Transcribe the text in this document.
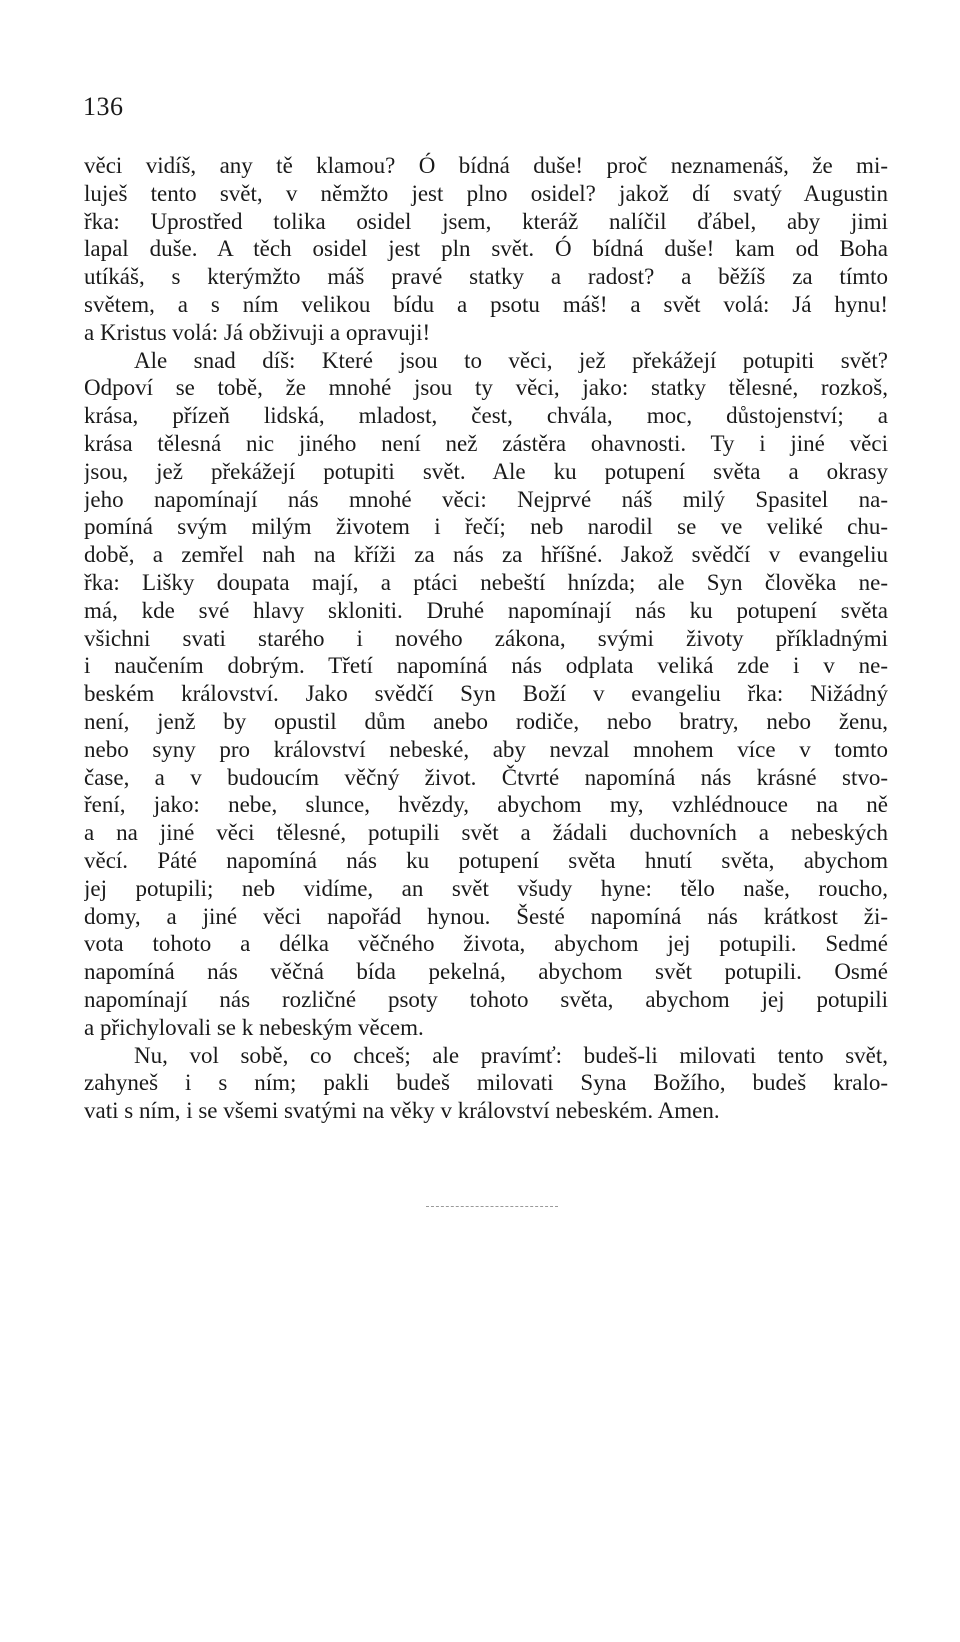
136
věci vidíš, any tě klamou? Ó bídná duše! proč neznamenáš, že mi-
luješ tento svět, v němžto jest plno osidel? jakož dí svatý Augustin
řka: Uprostřed tolika osidel jsem, kteráž nalíčil ďábel, aby jimi
lapal duše. A těch osidel jest pln svět. Ó bídná duše! kam od Boha
utíkáš, s kterýmžto máš pravé statky a radost? a běžíš za tímto
světem, a s ním velikou bídu a psotu máš! a svět volá: Já hynu!
a Kristus volá: Já obživuji a opravuji!
Ale snad díš: Které jsou to věci, jež překážejí potupiti svět?
Odpoví se tobě, že mnohé jsou ty věci, jako: statky tělesné, rozkoš,
krása, přízeň lidská, mladost, čest, chvála, moc, důstojenství; a
krása tělesná nic jiného není než zástěra ohavnosti. Ty i jiné věci
jsou, jež překážejí potupiti svět. Ale ku potupení světa a okrasy
jeho napomínají nás mnohé věci: Nejprvé náš milý Spasitel na-
pomíná svým milým životem i řečí; neb narodil se ve veliké chu-
době, a zemřel nah na kříži za nás za hříšné. Jakož svědčí v evangeliu
řka: Lišky doupata mají, a ptáci nebeští hnízda; ale Syn člověka ne-
má, kde své hlavy skloniti. Druhé napomínají nás ku potupení světa
všichni svati starého i nového zákona, svými životy příkladnými
i naučením dobrým. Třetí napomíná nás odplata veliká zde i v ne-
beském království. Jako svědčí Syn Boží v evangeliu řka: Nižádný
není, jenž by opustil dům anebo rodiče, nebo bratry, nebo ženu,
nebo syny pro království nebeské, aby nevzal mnohem více v tomto
čase, a v budoucím věčný život. Čtvrté napomíná nás krásné stvo-
ření, jako: nebe, slunce, hvězdy, abychom my, vzhlédnouce na ně
a na jiné věci tělesné, potupili svět a žádali duchovních a nebeských
věcí. Páté napomíná nás ku potupení světa hnutí světa, abychom
jej potupili; neb vidíme, an svět všudy hyne: tělo naše, roucho,
domy, a jiné věci napořád hynou. Šesté napomíná nás krátkost ži-
vota tohoto a délka věčného života, abychom jej potupili. Sedmé
napomíná nás věčná bída pekelná, abychom svět potupili. Osmé
napomínají nás rozličné psoty tohoto světa, abychom jej potupili
a přichylovali se k nebeským věcem.
Nu, vol sobě, co chceš; ale pravímť: budeš-li milovati tento svět,
zahyneš i s ním; pakli budeš milovati Syna Božího, budeš kralo-
vati s ním, i se všemi svatými na věky v království nebeském. Amen.
